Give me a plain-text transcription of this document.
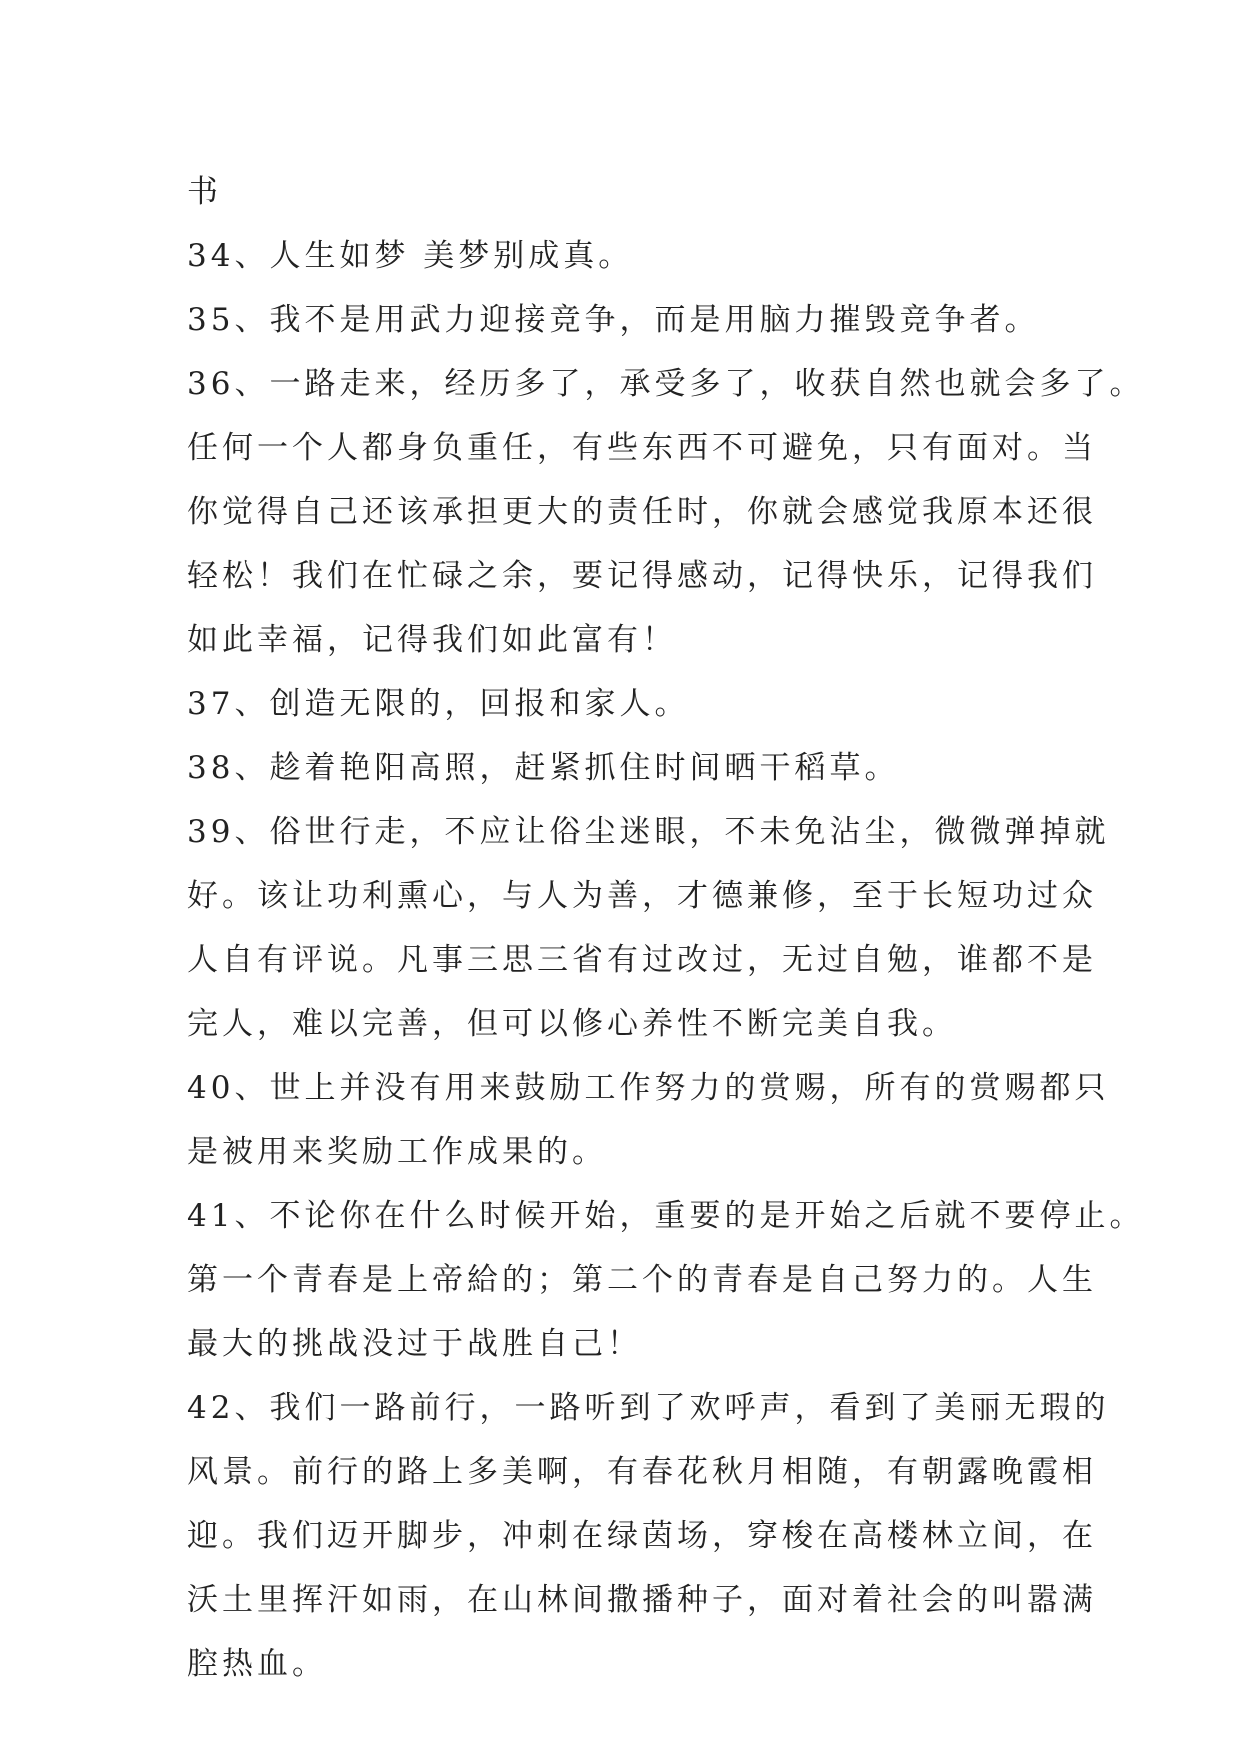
书
34、人生如梦 美梦别成真。
35、我不是用武力迎接竞争，而是用脑力摧毁竞争者。
36、一路走来，经历多了，承受多了，收获自然也就会多了。
任何一个人都身负重任，有些东西不可避免，只有面对。当
你觉得自己还该承担更大的责任时，你就会感觉我原本还很
轻松！我们在忙碌之余，要记得感动，记得快乐，记得我们
如此幸福，记得我们如此富有！
37、创造无限的，回报和家人。
38、趁着艳阳高照，赶紧抓住时间晒干稻草。
39、俗世行走，不应让俗尘迷眼，不未免沾尘，微微弹掉就
好。该让功利熏心，与人为善，才德兼修，至于长短功过众
人自有评说。凡事三思三省有过改过，无过自勉，谁都不是
完人，难以完善，但可以修心养性不断完美自我。
40、世上并没有用来鼓励工作努力的赏赐，所有的赏赐都只
是被用来奖励工作成果的。
41、不论你在什么时候开始，重要的是开始之后就不要停止。
第一个青春是上帝給的；第二个的青春是自己努力的。人生
最大的挑战没过于战胜自己！
42、我们一路前行，一路听到了欢呼声，看到了美丽无瑕的
风景。前行的路上多美啊，有春花秋月相随，有朝露晚霞相
迎。我们迈开脚步，冲刺在绿茵场，穿梭在高楼林立间，在
沃土里挥汗如雨，在山林间撒播种子，面对着社会的叫嚣满
腔热血。
